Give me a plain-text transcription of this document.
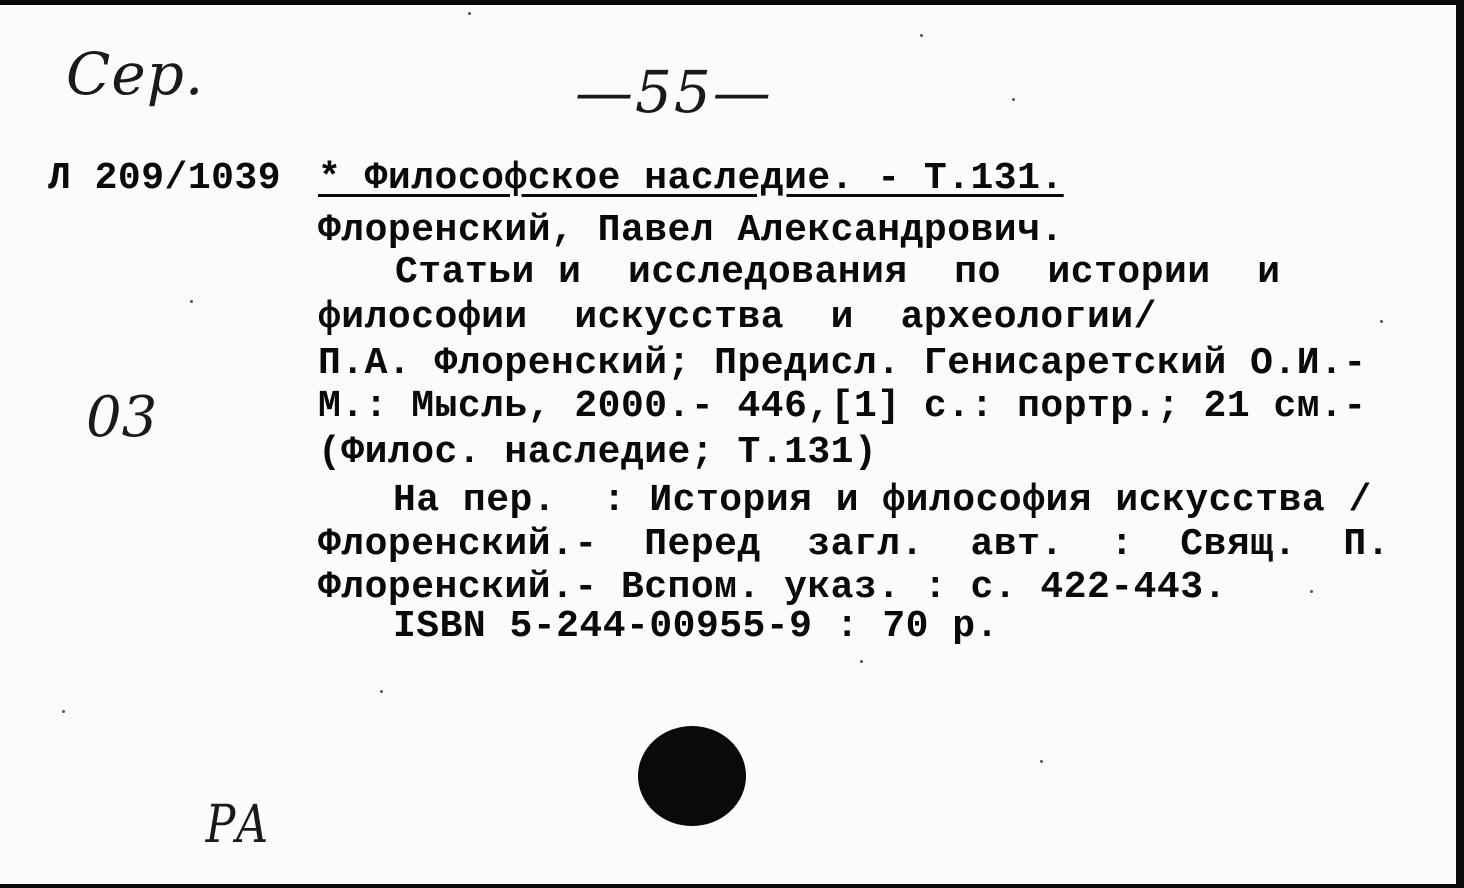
Сер.	—55—
03
РА
Л 209/1039 * Философское наследие. - Т.131.
Флоренский, Павел Александрович.
Статьи и  исследования  по  истории  и
философии  искусства  и  археологии/
П.А. Флоренский; Предисл. Генисаретский О.И.-
М.: Мысль, 2000.- 446,[1] с.: портр.; 21 см.-
(Филос. наследие; Т.131)
На пер.  : История и философия искусства /
Флоренский.-  Перед  загл.  авт.  :  Свящ.  П.
Флоренский.- Вспом. указ. : с. 422-443.
ISBN 5-244-00955-9 : 70 р.
